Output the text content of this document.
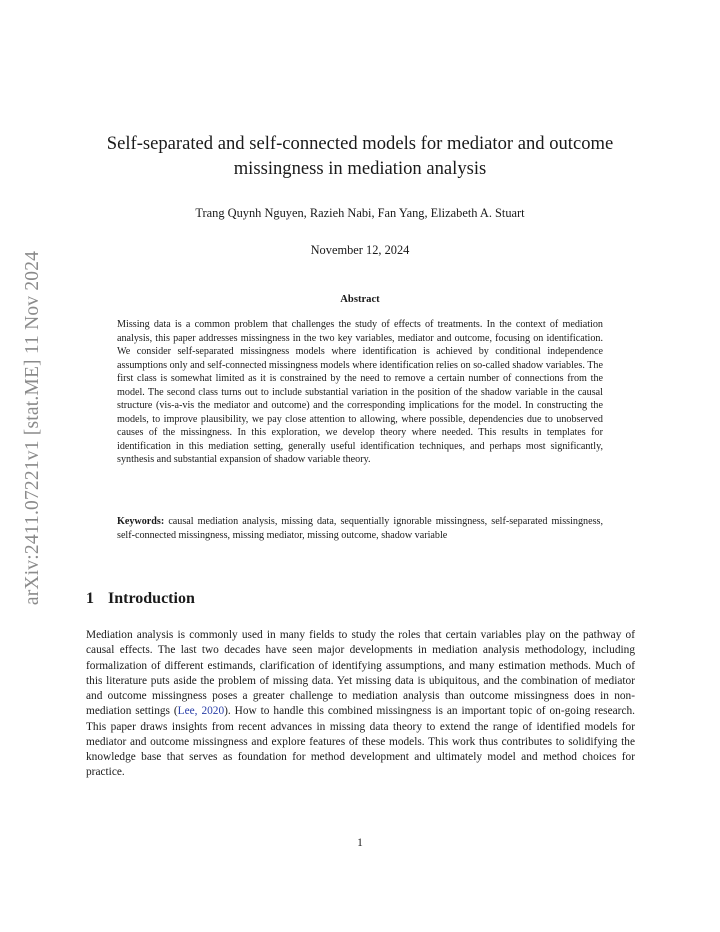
arXiv:2411.07221v1 [stat.ME] 11 Nov 2024
Self-separated and self-connected models for mediator and outcome missingness in mediation analysis
Trang Quynh Nguyen, Razieh Nabi, Fan Yang, Elizabeth A. Stuart
November 12, 2024
Abstract

Missing data is a common problem that challenges the study of effects of treatments. In the context of mediation analysis, this paper addresses missingness in the two key variables, mediator and outcome, focusing on identification. We consider self-separated missingness models where identification is achieved by conditional independence assumptions only and self-connected missingness models where identification relies on so-called shadow variables. The first class is somewhat limited as it is constrained by the need to remove a certain number of connections from the model. The second class turns out to include substantial variation in the position of the shadow variable in the causal structure (vis-a-vis the mediator and outcome) and the corresponding implications for the model. In constructing the models, to improve plausibility, we pay close attention to allowing, where possible, dependencies due to unobserved causes of the missingness. In this exploration, we develop theory where needed. This results in templates for identification in this mediation setting, generally useful identification techniques, and perhaps most significantly, synthesis and substantial expansion of shadow variable theory.

Keywords: causal mediation analysis, missing data, sequentially ignorable missingness, self-separated missingness, self-connected missingness, missing mediator, missing outcome, shadow variable

1 Introduction

Mediation analysis is commonly used in many fields to study the roles that certain variables play on the pathway of causal effects. The last two decades have seen major developments in mediation analysis methodology, including formalization of different estimands, clarification of identifying assumptions, and many estimation methods. Much of this literature puts aside the problem of missing data. Yet missing data is ubiquitous, and the combination of mediator and outcome missingness poses a greater challenge to mediation analysis than outcome missingness does in non-mediation settings (Lee, 2020). How to handle this combined missingness is an important topic of on-going research. This paper draws insights from recent advances in missing data theory to extend the range of identified models for mediator and outcome missingness and explore features of these models. This work thus contributes to solidifying the knowledge base that serves as foundation for method development and ultimately model and method choices for practice.

1
